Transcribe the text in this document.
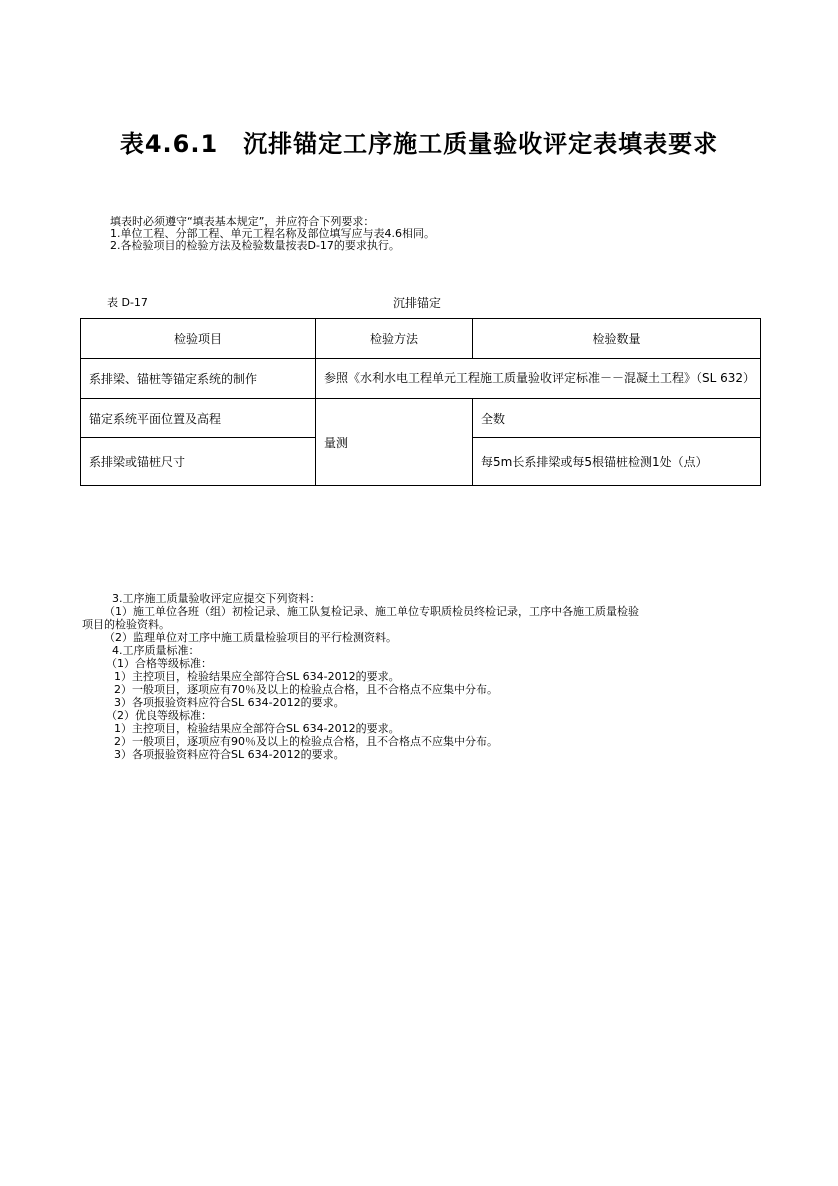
表4.6.1　沉排锚定工序施工质量验收评定表填表要求
填表时必须遵守“填表基本规定”，并应符合下列要求：
1.单位工程、分部工程、单元工程名称及部位填写应与表4.6相同。
2.各检验项目的检验方法及检验数量按表D-17的要求执行。
表 D-17	沉排锚定
检验项目	检验方法	检验数量
系排梁、锚桩等锚定系统的制作	参照《水利水电工程单元工程施工质量验收评定标准－－混凝土工程》（SL 632）	
锚定系统平面位置及高程	量测	全数
系排梁或锚桩尺寸		每5m长系排梁或每5根锚桩检测1处（点）
3.工序施工质量验收评定应提交下列资料：
（1）施工单位各班（组）初检记录、施工队复检记录、施工单位专职质检员终检记录，工序中各施工质量检验
项目的检验资料。
（2）监理单位对工序中施工质量检验项目的平行检测资料。
4.工序质量标准：
（1）合格等级标准：
1）主控项目，检验结果应全部符合SL 634-2012的要求。
2）一般项目，逐项应有70％及以上的检验点合格，且不合格点不应集中分布。
3）各项报验资料应符合SL 634-2012的要求。
（2）优良等级标准：
1）主控项目，检验结果应全部符合SL 634-2012的要求。
2）一般项目，逐项应有90％及以上的检验点合格，且不合格点不应集中分布。
3）各项报验资料应符合SL 634-2012的要求。
